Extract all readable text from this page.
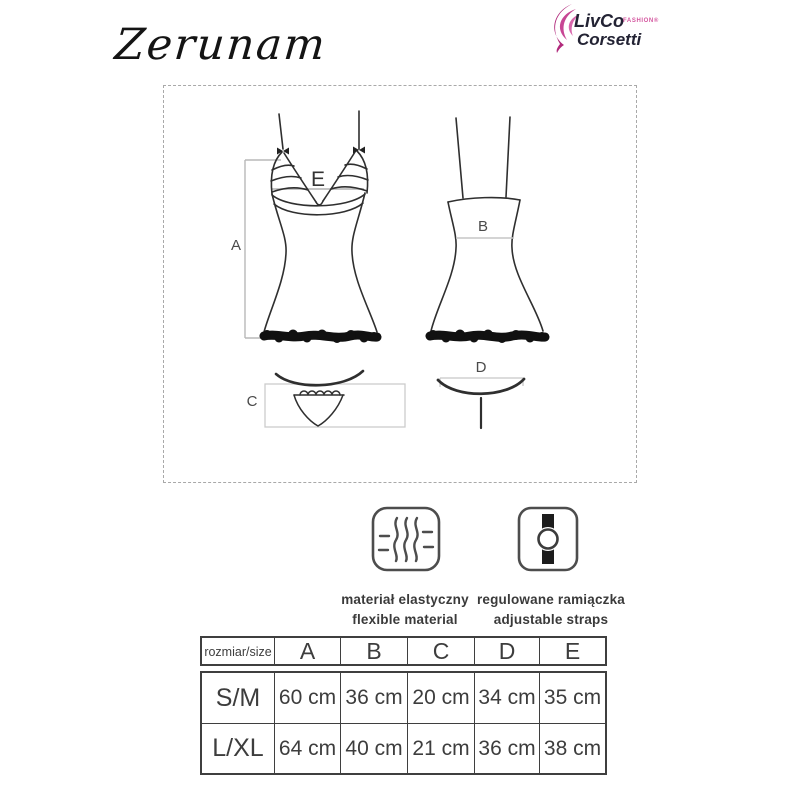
Zerunam	LivCo
FASHION®
Corsetti
A
E
B
C
D
materiał elastyczny
flexible material
regulowane ramiączka
adjustable straps
rozmiar/size	A	B	C	D	E
S/M 60 cm 36 cm 20 cm 34 cm 35 cm
L/XL 64 cm 40 cm 21 cm 36 cm 38 cm
